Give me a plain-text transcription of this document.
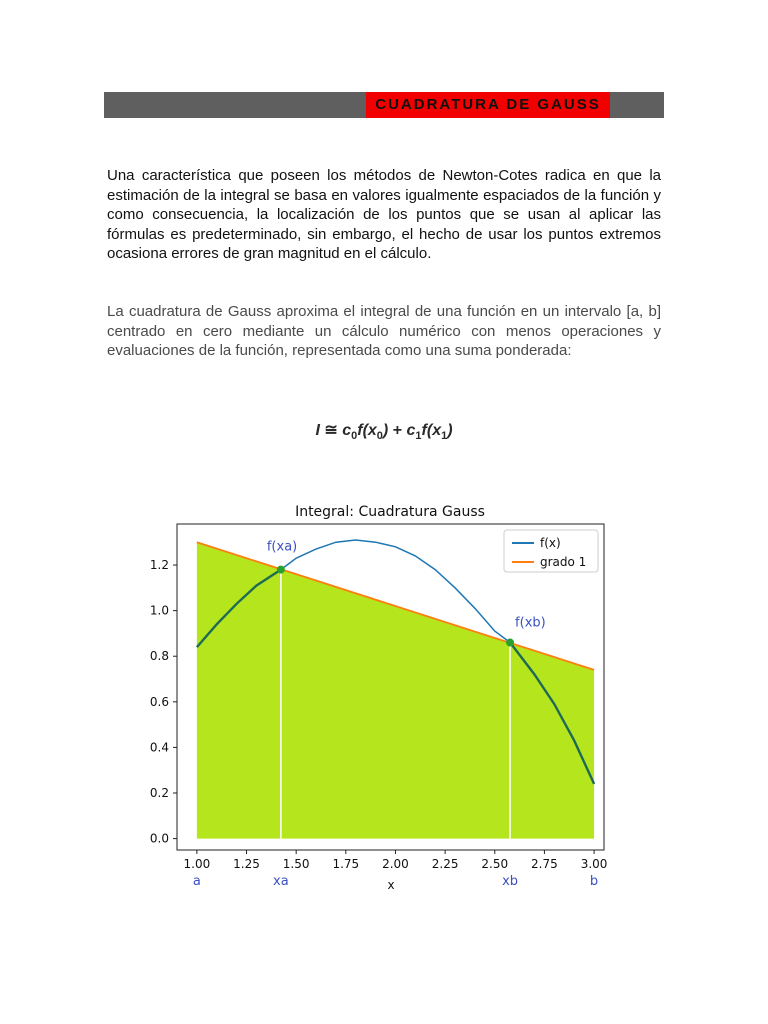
CUADRATURA DE GAUSS
Una característica que poseen los métodos de Newton-Cotes radica en que la estimación de la integral se basa en valores igualmente espaciados de la función y como consecuencia, la localización de los puntos que se usan al aplicar las fórmulas es predeterminado, sin embargo, el hecho de usar los puntos extremos ocasiona errores de gran magnitud en el cálculo.
La cuadratura de Gauss aproxima el integral de una función en un intervalo [a, b] centrado en cero mediante un cálculo numérico con menos operaciones y evaluaciones de la función, representada como una suma ponderada:
I ≅ $c_0f(x_0) + c_1f(x_1)$
Integral: Cuadratura Gauss
f(xa)
f(xb)
1.00 1.25 1.50 1.75 2.00 2.25 2.50 2.75 3.00
0.0
0.2
0.4
0.6
0.8
1.0
1.2
a	xa	xb	b
f(x)
grado 1
x
